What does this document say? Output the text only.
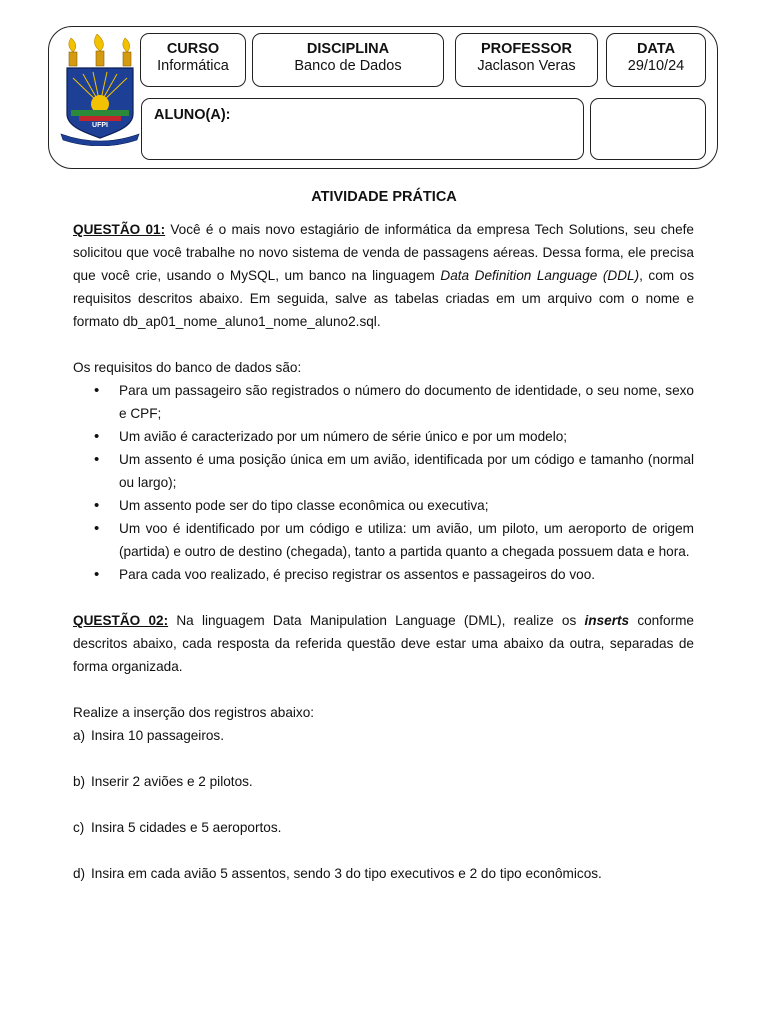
UFPI
CURSO
Informática
DISCIPLINA
Banco de Dados
PROFESSOR
Jaclason Veras
DATA
29/10/24
ALUNO(A):
ATIVIDADE PRÁTICA

QUESTÃO 01: Você é o mais novo estagiário de informática da empresa Tech Solutions, seu chefe solicitou que você trabalhe no novo sistema de venda de passagens aéreas. Dessa forma, ele precisa que você crie, usando o MySQL, um banco na linguagem Data Definition Language (DDL), com os requisitos descritos abaixo. Em seguida, salve as tabelas criadas em um arquivo com o nome e formato db_ap01_nome_aluno1_nome_aluno2.sql.

Os requisitos do banco de dados são:

• Para um passageiro são registrados o número do documento de identidade, o seu nome, sexo e CPF;
• Um avião é caracterizado por um número de série único e por um modelo;
• Um assento é uma posição única em um avião, identificada por um código e tamanho (normal ou largo);
• Um assento pode ser do tipo classe econômica ou executiva;
• Um voo é identificado por um código e utiliza: um avião, um piloto, um aeroporto de origem (partida) e outro de destino (chegada), tanto a partida quanto a chegada possuem data e hora.
• Para cada voo realizado, é preciso registrar os assentos e passageiros do voo.

QUESTÃO 02: Na linguagem Data Manipulation Language (DML), realize os inserts conforme descritos abaixo, cada resposta da referida questão deve estar uma abaixo da outra, separadas de forma organizada.

Realize a inserção dos registros abaixo:

a) Insira 10 passageiros.
b) Inserir 2 aviões e 2 pilotos.
c) Insira 5 cidades e 5 aeroportos.
d) Insira em cada avião 5 assentos, sendo 3 do tipo executivos e 2 do tipo econômicos.
